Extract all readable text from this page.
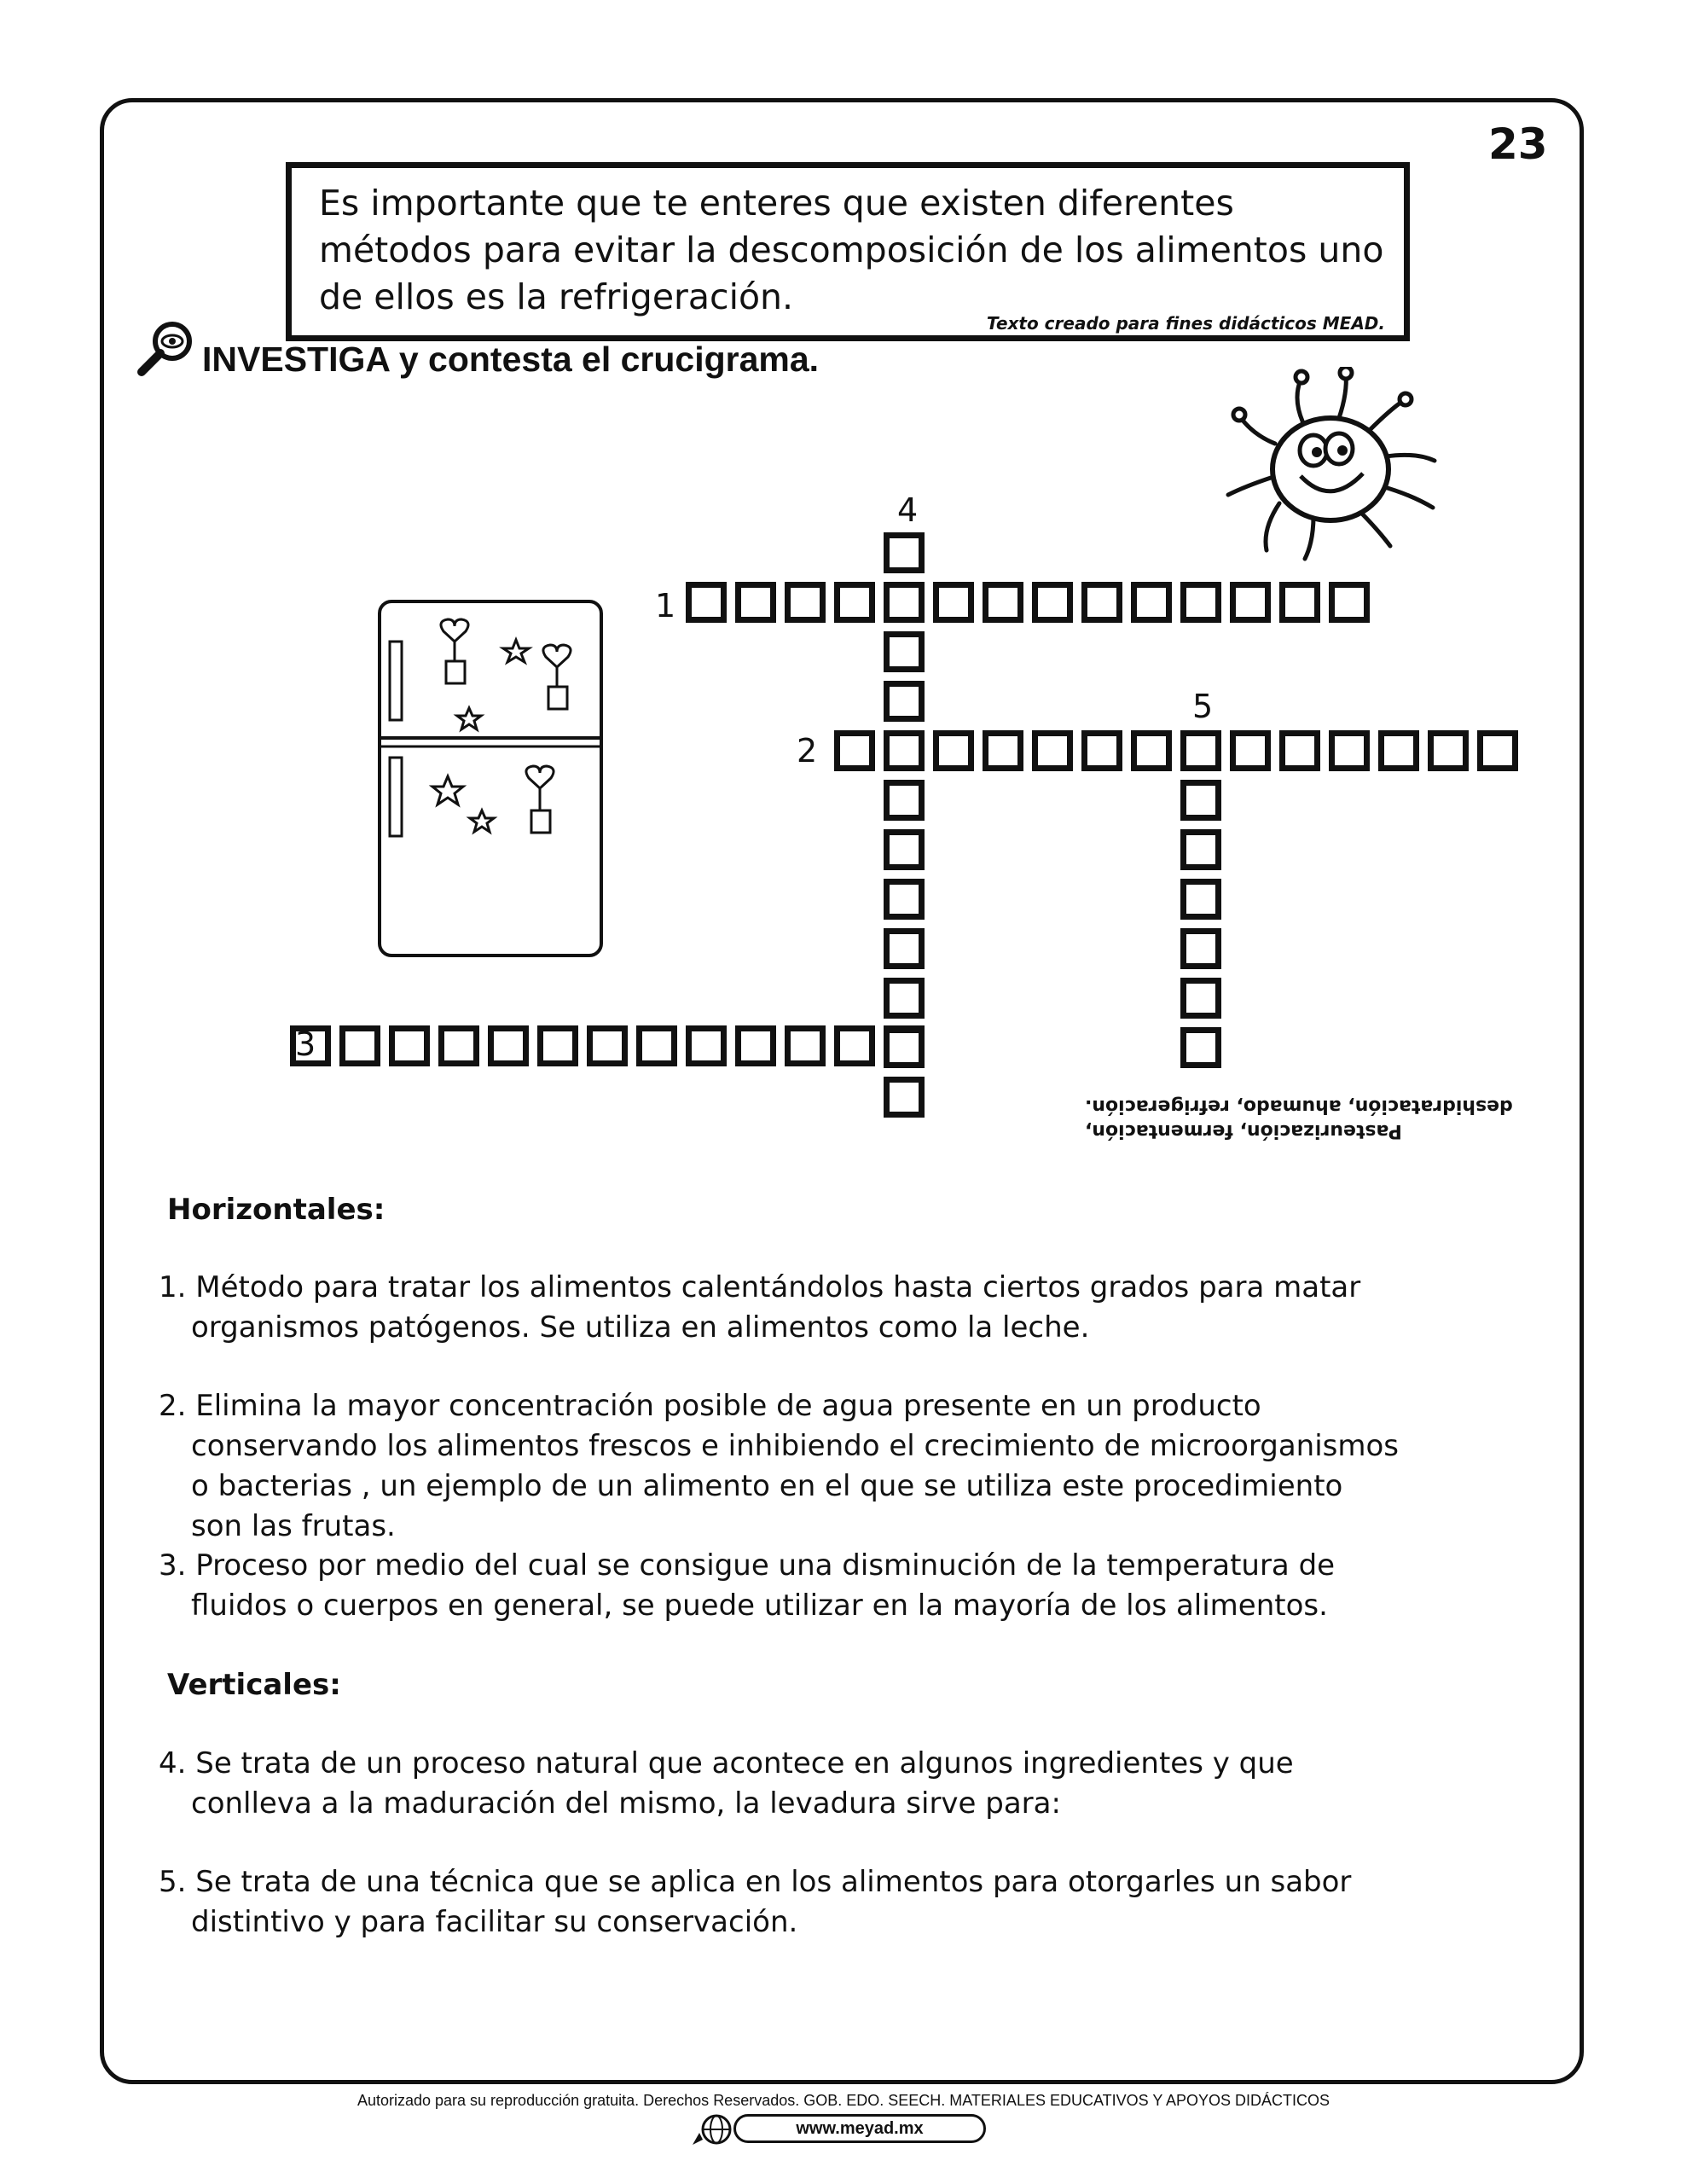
23
Es importante que te enteres que existen diferentes métodos para evitar la descomposición de los alimentos uno de ellos es la refrigeración.
Texto creado para fines didácticos MEAD.
INVESTIGA y contesta el crucigrama.
1
2
3
4
5
Pasteurización, fermentación, deshidratación, ahumado, refrigeración.
Horizontales:
1. Método para tratar los alimentos calentándolos hasta ciertos grados para matar organismos patógenos. Se utiliza en alimentos como la leche.
2. Elimina la mayor concentración posible de agua presente en un producto conservando los alimentos frescos e inhibiendo el crecimiento de microorganismos o bacterias , un ejemplo de un alimento en el que se utiliza este procedimiento son las frutas.
3. Proceso por medio del cual se consigue una disminución de la temperatura de fluidos o cuerpos en general, se puede utilizar en la mayoría de los alimentos.
Verticales:
4. Se trata de un proceso natural que acontece en algunos ingredientes y que conlleva a la maduración del mismo, la levadura sirve para:
5. Se trata de una técnica que se aplica en los alimentos para otorgarles un sabor distintivo y para facilitar su conservación.
Autorizado para su reproducción gratuita. Derechos Reservados. GOB. EDO. SEECH. MATERIALES EDUCATIVOS Y APOYOS DIDÁCTICOS
www.meyad.mx
